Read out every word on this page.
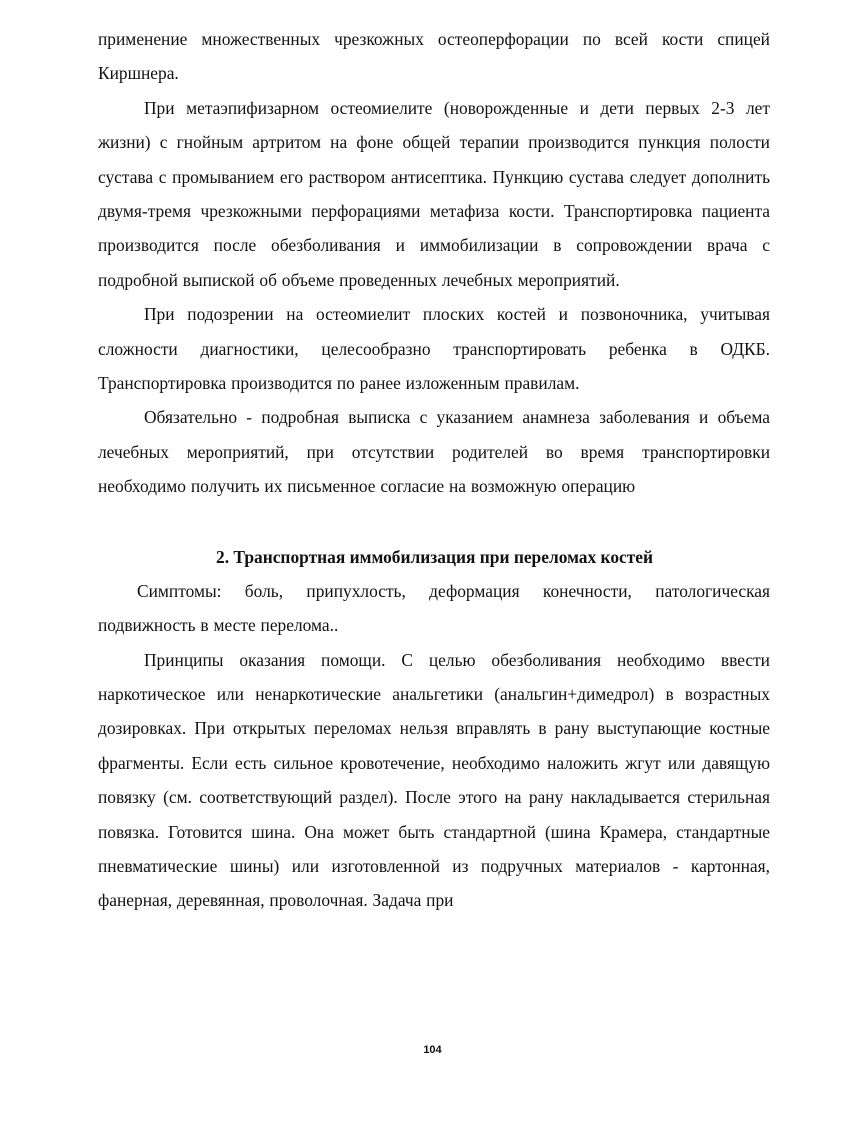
применение множественных чрезкожных остеоперфорации по всей кости спицей Киршнера.

При метаэпифизарном остеомиелите (новорожденные и дети первых 2-3 лет жизни) с гнойным артритом на фоне общей терапии производится пункция полости сустава с промыванием его раствором антисептика. Пункцию сустава следует дополнить двумя-тремя чрезкожными перфорациями метафиза кости. Транспортировка пациента производится после обезболивания и иммобилизации в сопровождении врача с подробной выпиской об объеме проведенных лечебных мероприятий.

При подозрении на остеомиелит плоских костей и позвоночника, учитывая сложности диагностики, целесообразно транспортировать ребенка в ОДКБ. Транспортировка производится по ранее изложенным правилам.

Обязательно - подробная выписка с указанием анамнеза заболевания и объема лечебных мероприятий, при отсутствии родителей во время транспортировки необходимо получить их письменное согласие на возможную операцию

2. Транспортная иммобилизация при переломах костей

Симптомы: боль, припухлость, деформация конечности, патологическая подвижность в месте перелома..

Принципы оказания помощи. С целью обезболивания необходимо ввести наркотическое или ненаркотические анальгетики (анальгин+димедрол) в возрастных дозировках. При открытых переломах нельзя вправлять в рану выступающие костные фрагменты. Если есть сильное кровотечение, необходимо наложить жгут или давящую повязку (см. соответствующий раздел). После этого на рану накладывается стерильная повязка. Готовится шина. Она может быть стандартной (шина Крамера, стандартные пневматические шины) или изготовленной из подручных материалов - картонная, фанерная, деревянная, проволочная. Задача при

104
